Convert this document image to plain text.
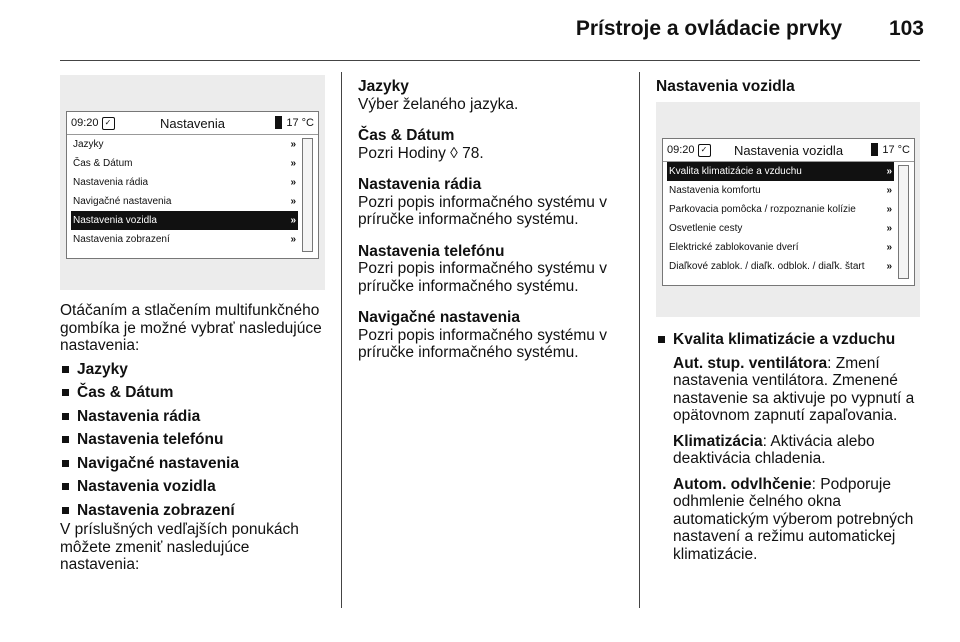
Prístroje a ovládacie prvky 103
09:20 ✓	Nastavenia	17 °C
Jazyky	»
Čas & Dátum	»
Nastavenia rádia	»
Navigačné nastavenia	»
Nastavenia vozidla	»
Nastavenia zobrazení	»

Otáčaním a stlačením multifunkčného gombíka je možné vybrať nasledujúce nastavenia:

Jazyky
Čas & Dátum
Nastavenia rádia
Nastavenia telefónu
Navigačné nastavenia
Nastavenia vozidla
Nastavenia zobrazení

V príslušných vedľajších ponukách môžete zmeniť nasledujúce nastavenia:

Jazyky

Výber želaného jazyka.

Čas & Dátum

Pozri Hodiny ◊ 78.

Nastavenia rádia

Pozri popis informačného systému v príručke informačného systému.

Nastavenia telefónu

Pozri popis informačného systému v príručke informačného systému.

Navigačné nastavenia

Pozri popis informačného systému v príručke informačného systému.

Nastavenia vozidla

09:20 ✓	Nastavenia vozidla	17 °C
Kvalita klimatizácie a vzduchu	»
Nastavenia komfortu	»
Parkovacia pomôcka / rozpoznanie kolízie	»
Osvetlenie cesty	»
Elektrické zablokovanie dverí	»
Diaľkové zablok. / diaľk. odblok. / diaľk. štart »
Kvalita klimatizácie a vzduchu

Aut. stup. ventilátora: Zmení nastavenia ventilátora. Zmenené nastavenie sa aktivuje po vypnutí a opätovnom zapnutí zapaľovania.

Klimatizácia: Aktivácia alebo deaktivácia chladenia.

Autom. odvlhčenie: Podporuje odhmlenie čelného okna automatickým výberom potrebných nastavení a režimu automatickej klimatizácie.
